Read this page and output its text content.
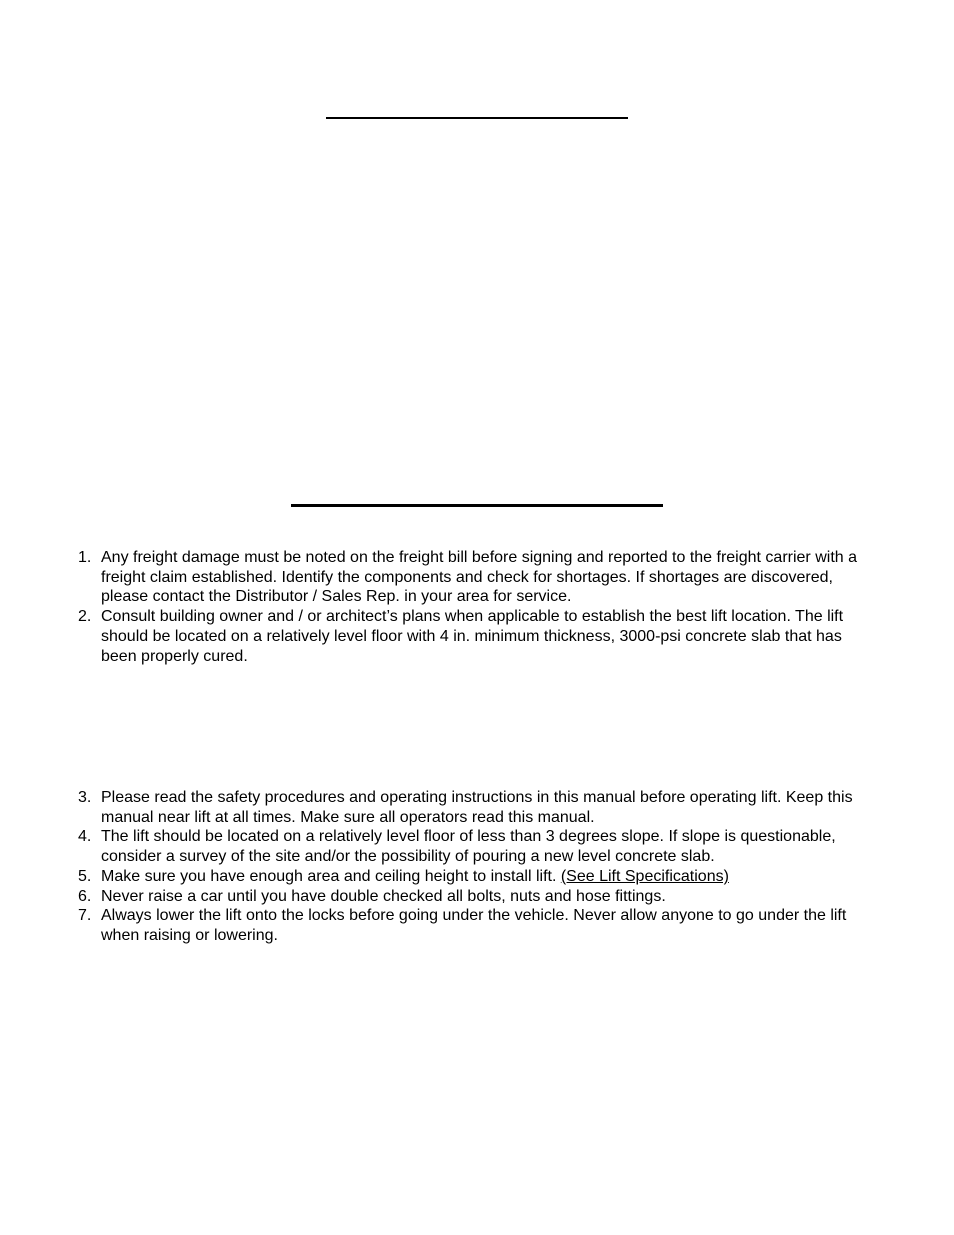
1. Any freight damage must be noted on the freight bill before signing and reported to the freight carrier with a freight claim established. Identify the components and check for shortages. If shortages are discovered, please contact the Distributor / Sales Rep. in your area for service.
2. Consult building owner and / or architect’s plans when applicable to establish the best lift location. The lift should be located on a relatively level floor with 4 in. minimum thickness, 3000-psi concrete slab that has been properly cured.
3. Please read the safety procedures and operating instructions in this manual before operating lift. Keep this manual near lift at all times. Make sure all operators read this manual.
4. The lift should be located on a relatively level floor of less than 3 degrees slope. If slope is questionable, consider a survey of the site and/or the possibility of pouring a new level concrete slab.
5. Make sure you have enough area and ceiling height to install lift. (See Lift Specifications)
6. Never raise a car until you have double checked all bolts, nuts and hose fittings.
7. Always lower the lift onto the locks before going under the vehicle. Never allow anyone to go under the lift when raising or lowering.
